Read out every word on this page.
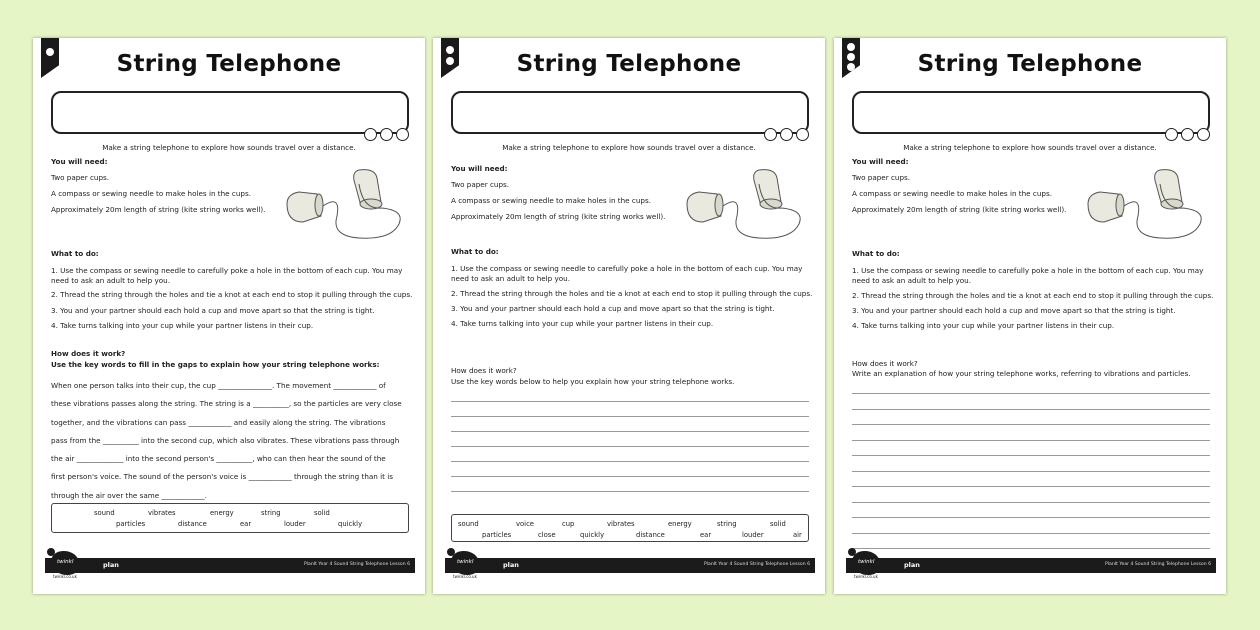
String Telephone
Make a string telephone to explore how sounds travel over a distance.
You will need:
Two paper cups.
A compass or sewing needle to make holes in the cups.
Approximately 20m length of string (kite string works well).
What to do:
1. Use the compass or sewing needle to carefully poke a hole in the bottom of each cup. You may
need to ask an adult to help you.
2. Thread the string through the holes and tie a knot at each end to stop it pulling through the cups.
3. You and your partner should each hold a cup and move apart so that the string is tight.
4. Take turns talking into your cup while your partner listens in their cup.
How does it work?
Use the key words to fill in the gaps to explain how your string telephone works:
When one person talks into their cup, the cup _______________. The movement ____________ of
these vibrations passes along the string. The string is a __________, so the particles are very close
together, and the vibrations can pass ____________ and easily along the string. The vibrations
pass from the __________ into the second cup, which also vibrates. These vibrations pass through
the air _____________ into the second person's __________, who can then hear the sound of the
first person's voice. The sound of the person's voice is ____________ through the string than it is
through the air over the same ____________.
sound	vibrates	energy	string	solid
particles	distance	ear	louder	quickly
plan	PlanIt Year 4 Sound String Telephone Lesson 6
twinkl
twinkl.co.uk
String Telephone
Make a string telephone to explore how sounds travel over a distance.
You will need:
Two paper cups.
A compass or sewing needle to make holes in the cups.
Approximately 20m length of string (kite string works well).
What to do:
1. Use the compass or sewing needle to carefully poke a hole in the bottom of each cup. You may
need to ask an adult to help you.
2. Thread the string through the holes and tie a knot at each end to stop it pulling through the cups.
3. You and your partner should each hold a cup and move apart so that the string is tight.
4. Take turns talking into your cup while your partner listens in their cup.
How does it work?
Use the key words below to help you explain how your string telephone works.
sound	voice	cup	vibrates	energy	string	solid
particles	close	quickly	distance	ear	louder	air
plan	PlanIt Year 4 Sound String Telephone Lesson 6
twinkl
twinkl.co.uk
String Telephone
Make a string telephone to explore how sounds travel over a distance.
You will need:
Two paper cups.
A compass or sewing needle to make holes in the cups.
Approximately 20m length of string (kite string works well).
What to do:
1. Use the compass or sewing needle to carefully poke a hole in the bottom of each cup. You may
need to ask an adult to help you.
2. Thread the string through the holes and tie a knot at each end to stop it pulling through the cups.
3. You and your partner should each hold a cup and move apart so that the string is tight.
4. Take turns talking into your cup while your partner listens in their cup.
How does it work?
Write an explanation of how your string telephone works, referring to vibrations and particles.
plan	PlanIt Year 4 Sound String Telephone Lesson 6
twinkl
twinkl.co.uk
